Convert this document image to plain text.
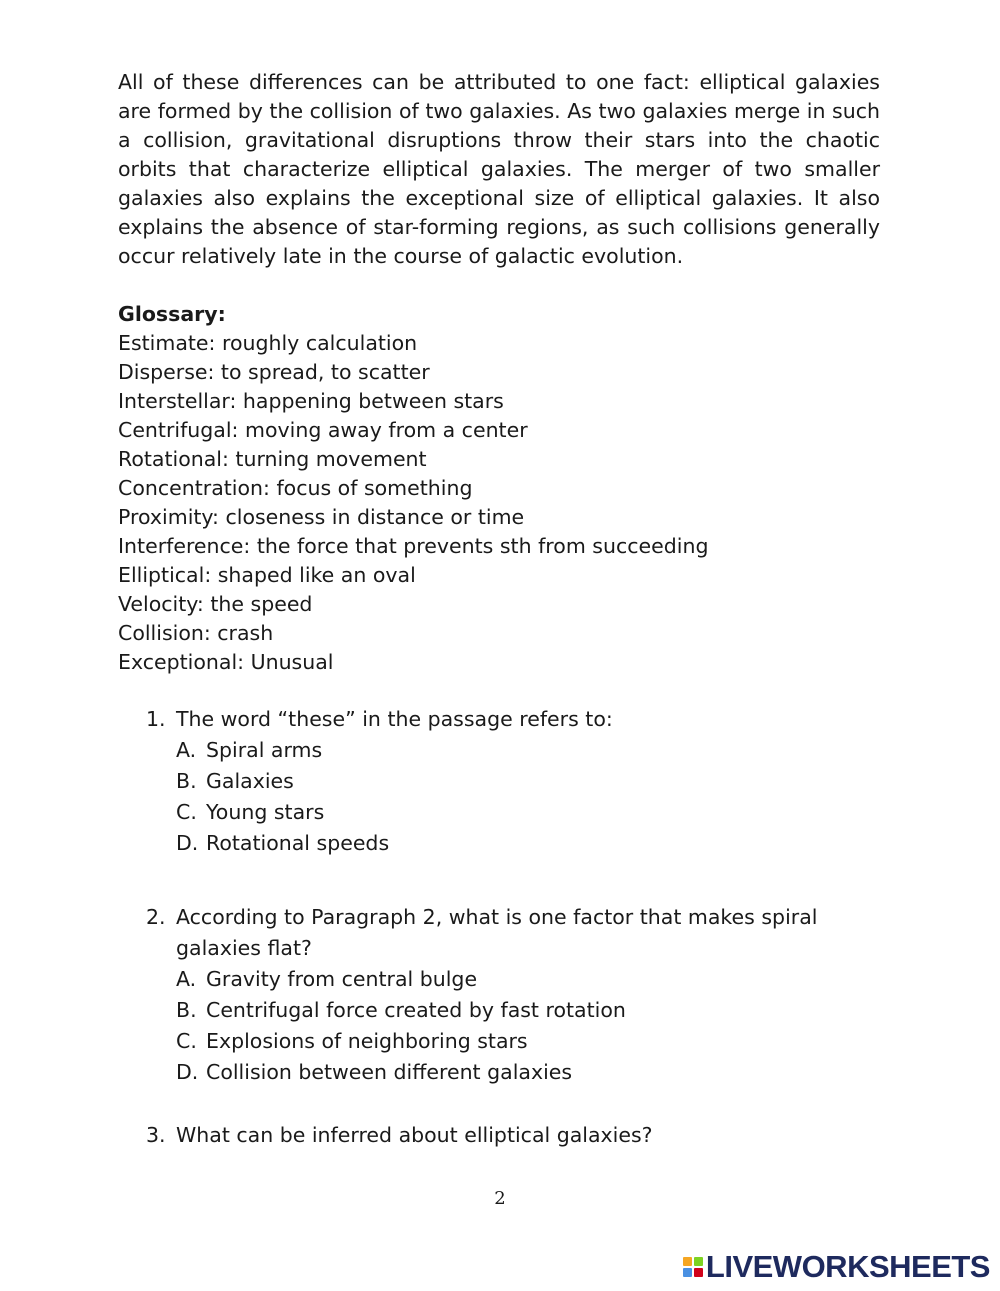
All of these differences can be attributed to one fact: elliptical galaxies are formed by the collision of two galaxies. As two galaxies merge in such a collision, gravitational disruptions throw their stars into the chaotic orbits that characterize elliptical galaxies. The merger of two smaller galaxies also explains the exceptional size of elliptical galaxies. It also explains the absence of star-forming regions, as such collisions generally occur relatively late in the course of galactic evolution.

Glossary:
Estimate: roughly calculation
Disperse: to spread, to scatter
Interstellar: happening between stars
Centrifugal: moving away from a center
Rotational: turning movement
Concentration: focus of something
Proximity: closeness in distance or time
Interference: the force that prevents sth from succeeding
Elliptical: shaped like an oval
Velocity: the speed
Collision: crash
Exceptional: Unusual
1. The word “these” in the passage refers to:
A. Spiral arms
B. Galaxies
C. Young stars
D. Rotational speeds
2. According to Paragraph 2, what is one factor that makes spiral galaxies flat?
A. Gravity from central bulge
B. Centrifugal force created by fast rotation
C. Explosions of neighboring stars
D. Collision between different galaxies
3. What can be inferred about elliptical galaxies?
2
LIVEWORKSHEETS
